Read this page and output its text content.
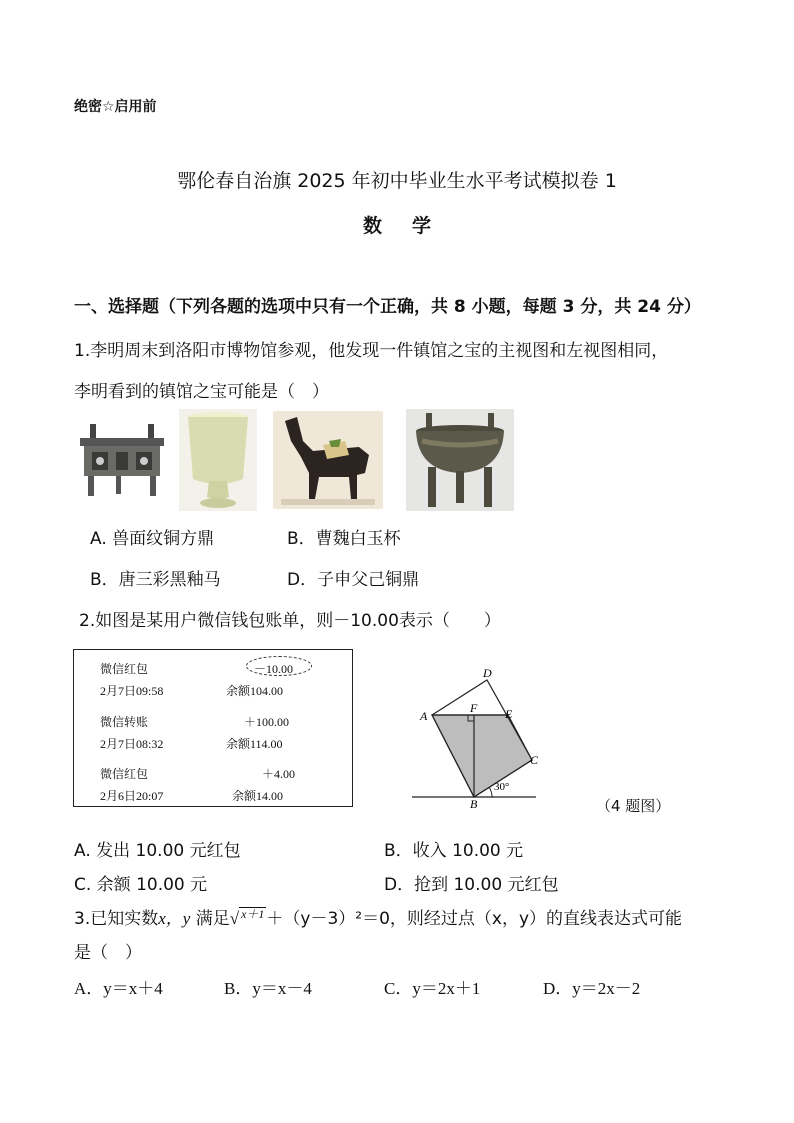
绝密☆启用前
鄂伦春自治旗 2025 年初中毕业生水平考试模拟卷 1
数学
一、选择题（下列各题的选项中只有一个正确，共 8 小题，每题 3 分，共 24 分）
1.李明周末到洛阳市博物馆参观，他发现一件镇馆之宝的主视图和左视图相同，
李明看到的镇馆之宝可能是（　）
A. 兽面纹铜方鼎	B．曹魏白玉杯
B．唐三彩黑釉马	D．子申父己铜鼎
2.如图是某用户微信钱包账单，则－10.00表示（　　）
微信红包	－10.00
2月7日09:58	余额104.00
微信转账	＋100.00
2月7日08:32	余额114.00
微信红包	＋4.00
2月6日20:07	余额14.00
A
B
C
D
E
F
30°
（4 题图）
A. 发出 10.00 元红包	B．收入 10.00 元
C. 余额 10.00 元	D．抢到 10.00 元红包
3.已知实数x，y 满足√ x＋1 ＋（y－3）²＝0，则经过点（x，y）的直线表达式可能
是（　）
A．y＝x＋4	B．y＝x－4	C．y＝2x＋1	D．y＝2x－2
